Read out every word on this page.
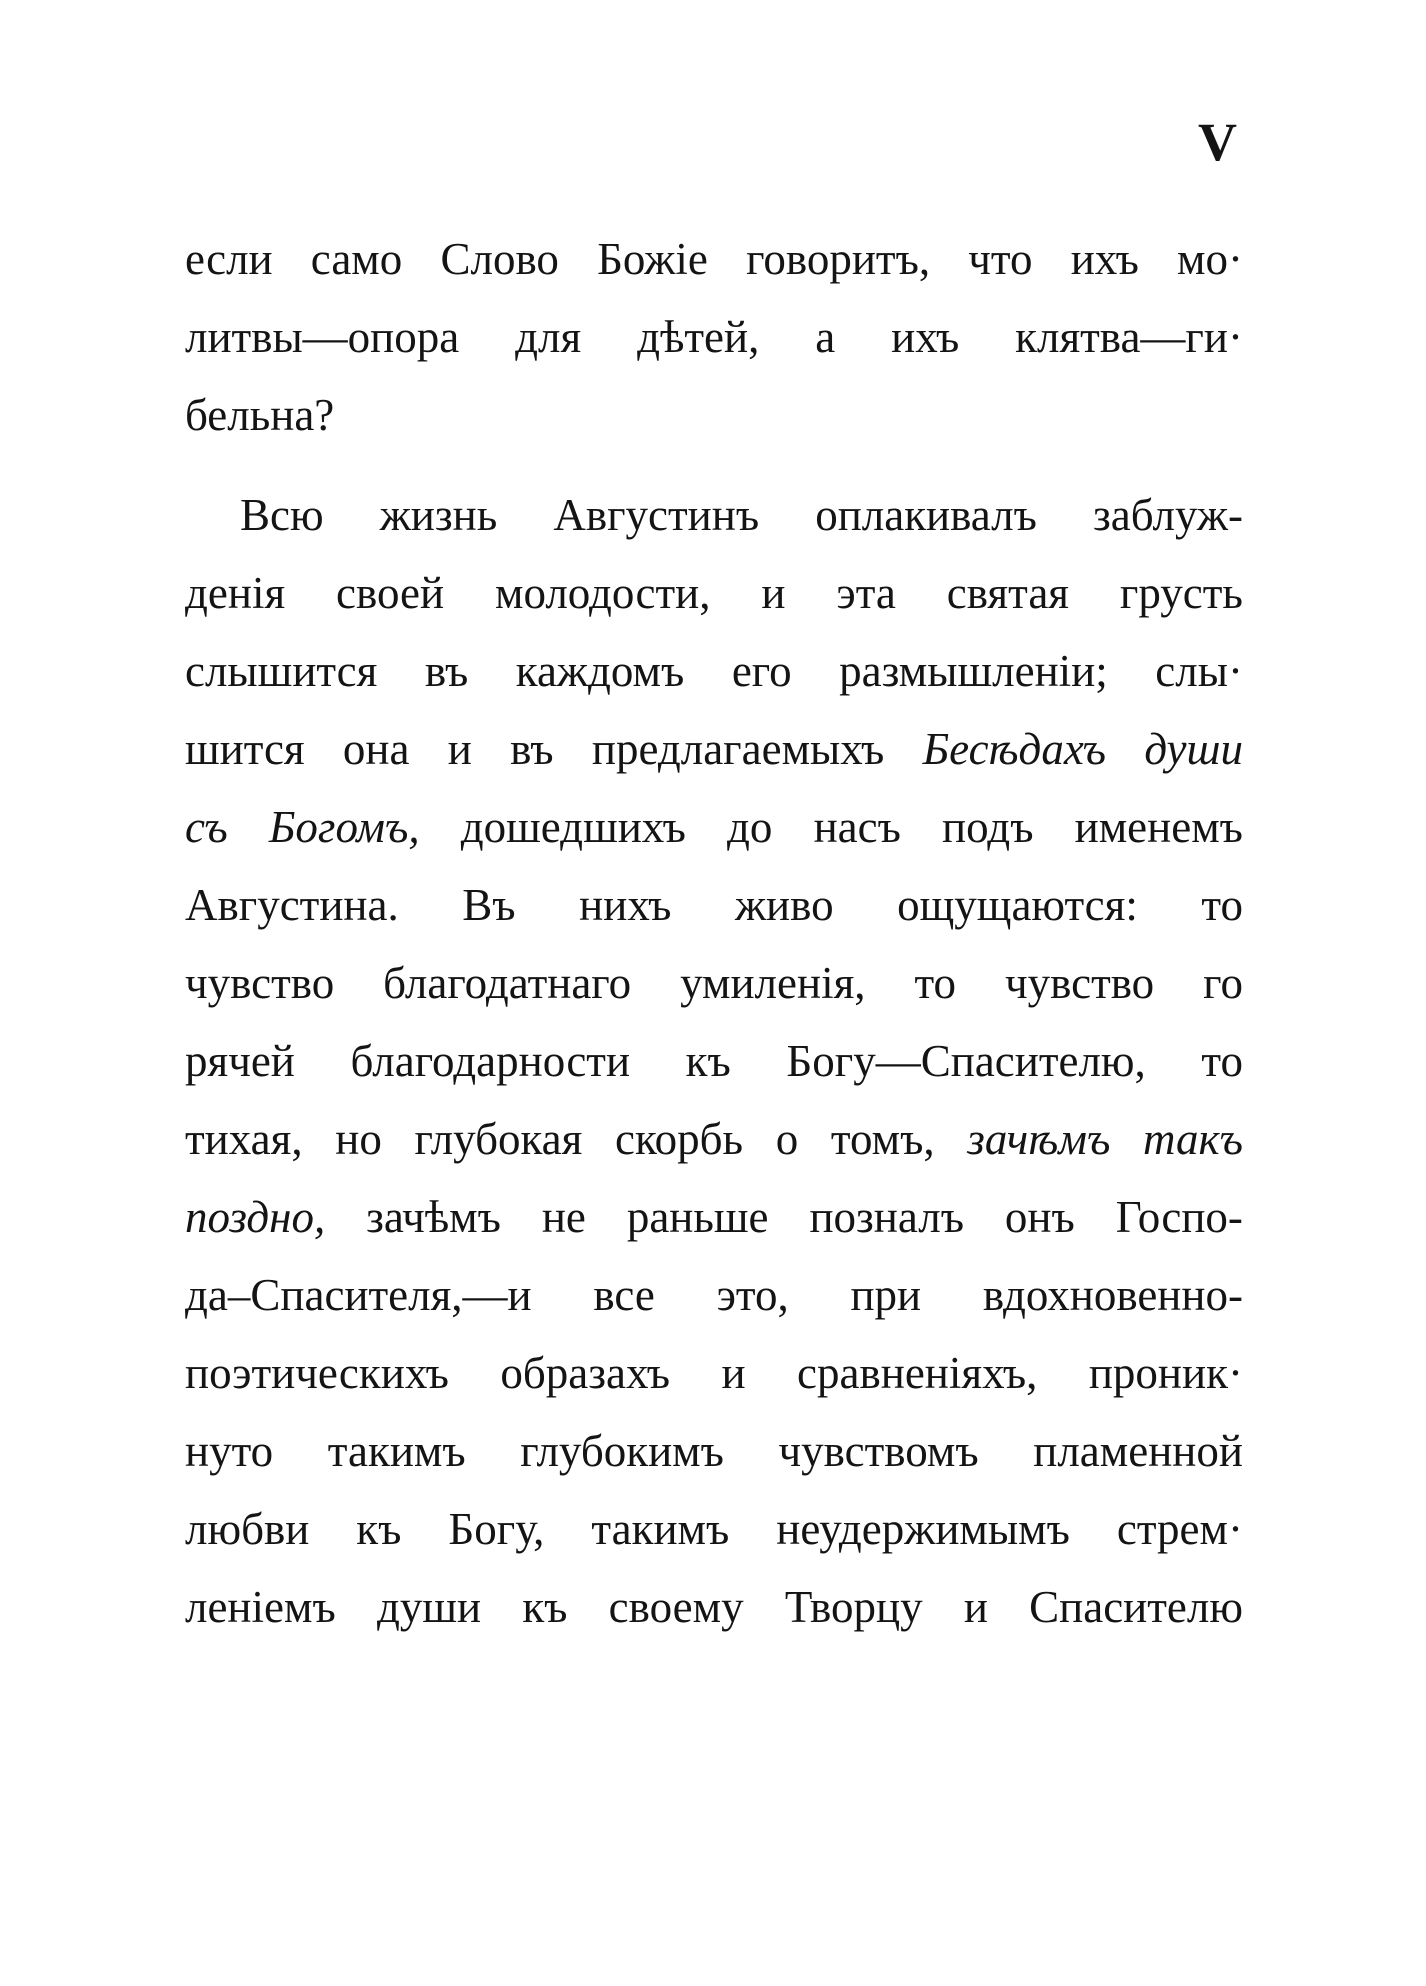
V
если само Слово Божіе говоритъ, что ихъ мо·
литвы—опора для дѣтей, а ихъ клятва—ги·
бельна?
Всю жизнь Августинъ оплакивалъ заблуж-
денія своей молодости, и эта святая грусть
слышится въ каждомъ его размышленіи; слы·
шится она и въ предлагаемыхъ Бесѣдахъ души
съ Богомъ, дошедшихъ до насъ подъ именемъ
Августина. Въ нихъ живо ощущаются: то
чувство благодатнаго умиленія, то чувство го
рячей благодарности къ Богу—Спасителю, то
тихая, но глубокая скорбь о томъ, зачѣмъ такъ
поздно, зачѣмъ не раньше позналъ онъ Госпо-
да–Спасителя,—и все это, при вдохновенно-
поэтическихъ образахъ и сравненіяхъ, проник·
нуто такимъ глубокимъ чувствомъ пламенной
любви къ Богу, такимъ неудержимымъ стрем·
леніемъ души къ своему Творцу и Спасителю
